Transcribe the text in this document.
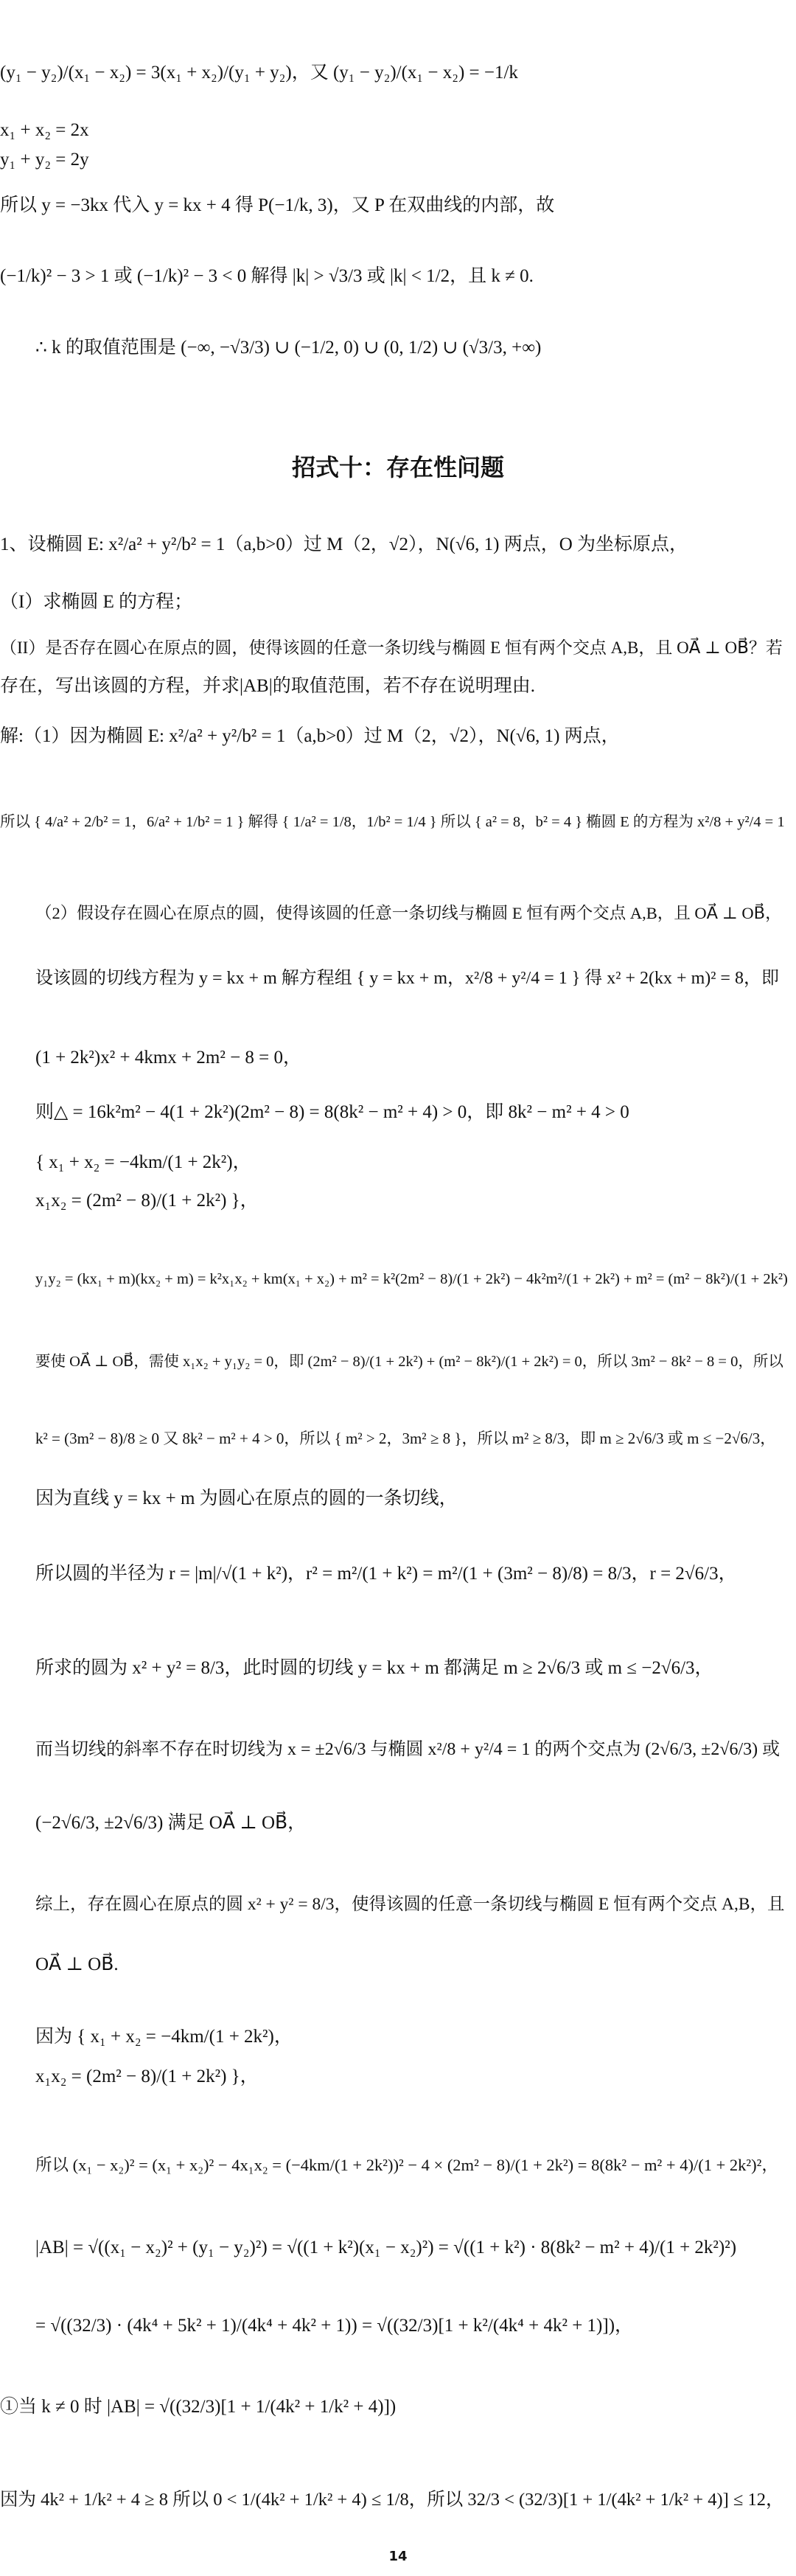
(y₁ − y₂)/(x₁ − x₂) = 3(x₁ + x₂)/(y₁ + y₂)，又 (y₁ − y₂)/(x₁ − x₂) = −1/k
x₁ + x₂ = 2x
y₁ + y₂ = 2y
所以 y = −3kx 代入 y = kx + 4 得 P(−1/k, 3)，又 P 在双曲线的内部，故
(−1/k)² − 3 > 1 或 (−1/k)² − 3 < 0 解得 |k| > √3/3 或 |k| < 1/2，且 k ≠ 0.
∴ k 的取值范围是 (−∞, −√3/3) ∪ (−1/2, 0) ∪ (0, 1/2) ∪ (√3/3, +∞)
招式十：存在性问题
1、设椭圆 E: x²/a² + y²/b² = 1（a,b>0）过 M（2，√2），N(√6, 1) 两点，O 为坐标原点，
（I）求椭圆 E 的方程；
（II）是否存在圆心在原点的圆，使得该圆的任意一条切线与椭圆 E 恒有两个交点 A,B，且 OA⃗ ⊥ OB⃗？若
存在，写出该圆的方程，并求|AB|的取值范围，若不存在说明理由.
解:（1）因为椭圆 E: x²/a² + y²/b² = 1（a,b>0）过 M（2，√2），N(√6, 1) 两点，
所以 { 4/a² + 2/b² = 1，6/a² + 1/b² = 1 } 解得 { 1/a² = 1/8，1/b² = 1/4 } 所以 { a² = 8，b² = 4 } 椭圆 E 的方程为 x²/8 + y²/4 = 1
（2）假设存在圆心在原点的圆，使得该圆的任意一条切线与椭圆 E 恒有两个交点 A,B，且 OA⃗ ⊥ OB⃗，
设该圆的切线方程为 y = kx + m 解方程组 { y = kx + m，x²/8 + y²/4 = 1 } 得 x² + 2(kx + m)² = 8，即
(1 + 2k²)x² + 4kmx + 2m² − 8 = 0，
则△ = 16k²m² − 4(1 + 2k²)(2m² − 8) = 8(8k² − m² + 4) > 0，即 8k² − m² + 4 > 0
{ x₁ + x₂ = −4km/(1 + 2k²)，
x₁x₂ = (2m² − 8)/(1 + 2k²) }，
y₁y₂ = (kx₁ + m)(kx₂ + m) = k²x₁x₂ + km(x₁ + x₂) + m² = k²(2m² − 8)/(1 + 2k²) − 4k²m²/(1 + 2k²) + m² = (m² − 8k²)/(1 + 2k²)
要使 OA⃗ ⊥ OB⃗，需使 x₁x₂ + y₁y₂ = 0，即 (2m² − 8)/(1 + 2k²) + (m² − 8k²)/(1 + 2k²) = 0，所以 3m² − 8k² − 8 = 0，所以
k² = (3m² − 8)/8 ≥ 0 又 8k² − m² + 4 > 0，所以 { m² > 2，3m² ≥ 8 }，所以 m² ≥ 8/3，即 m ≥ 2√6/3 或 m ≤ −2√6/3，
因为直线 y = kx + m 为圆心在原点的圆的一条切线，
所以圆的半径为 r = |m|/√(1 + k²)，r² = m²/(1 + k²) = m²/(1 + (3m² − 8)/8) = 8/3，r = 2√6/3，
所求的圆为 x² + y² = 8/3，此时圆的切线 y = kx + m 都满足 m ≥ 2√6/3 或 m ≤ −2√6/3，
而当切线的斜率不存在时切线为 x = ±2√6/3 与椭圆 x²/8 + y²/4 = 1 的两个交点为 (2√6/3, ±2√6/3) 或
(−2√6/3, ±2√6/3) 满足 OA⃗ ⊥ OB⃗，
综上，存在圆心在原点的圆 x² + y² = 8/3，使得该圆的任意一条切线与椭圆 E 恒有两个交点 A,B，且
OA⃗ ⊥ OB⃗.
因为 { x₁ + x₂ = −4km/(1 + 2k²)，
x₁x₂ = (2m² − 8)/(1 + 2k²) }，
所以 (x₁ − x₂)² = (x₁ + x₂)² − 4x₁x₂ = (−4km/(1 + 2k²))² − 4 × (2m² − 8)/(1 + 2k²) = 8(8k² − m² + 4)/(1 + 2k²)²，
|AB| = √((x₁ − x₂)² + (y₁ − y₂)²) = √((1 + k²)(x₁ − x₂)²) = √((1 + k²) · 8(8k² − m² + 4)/(1 + 2k²)²)
= √((32/3) · (4k⁴ + 5k² + 1)/(4k⁴ + 4k² + 1)) = √((32/3)[1 + k²/(4k⁴ + 4k² + 1)])，
①当 k ≠ 0 时 |AB| = √((32/3)[1 + 1/(4k² + 1/k² + 4)])
因为 4k² + 1/k² + 4 ≥ 8 所以 0 < 1/(4k² + 1/k² + 4) ≤ 1/8，所以 32/3 < (32/3)[1 + 1/(4k² + 1/k² + 4)] ≤ 12，
14
